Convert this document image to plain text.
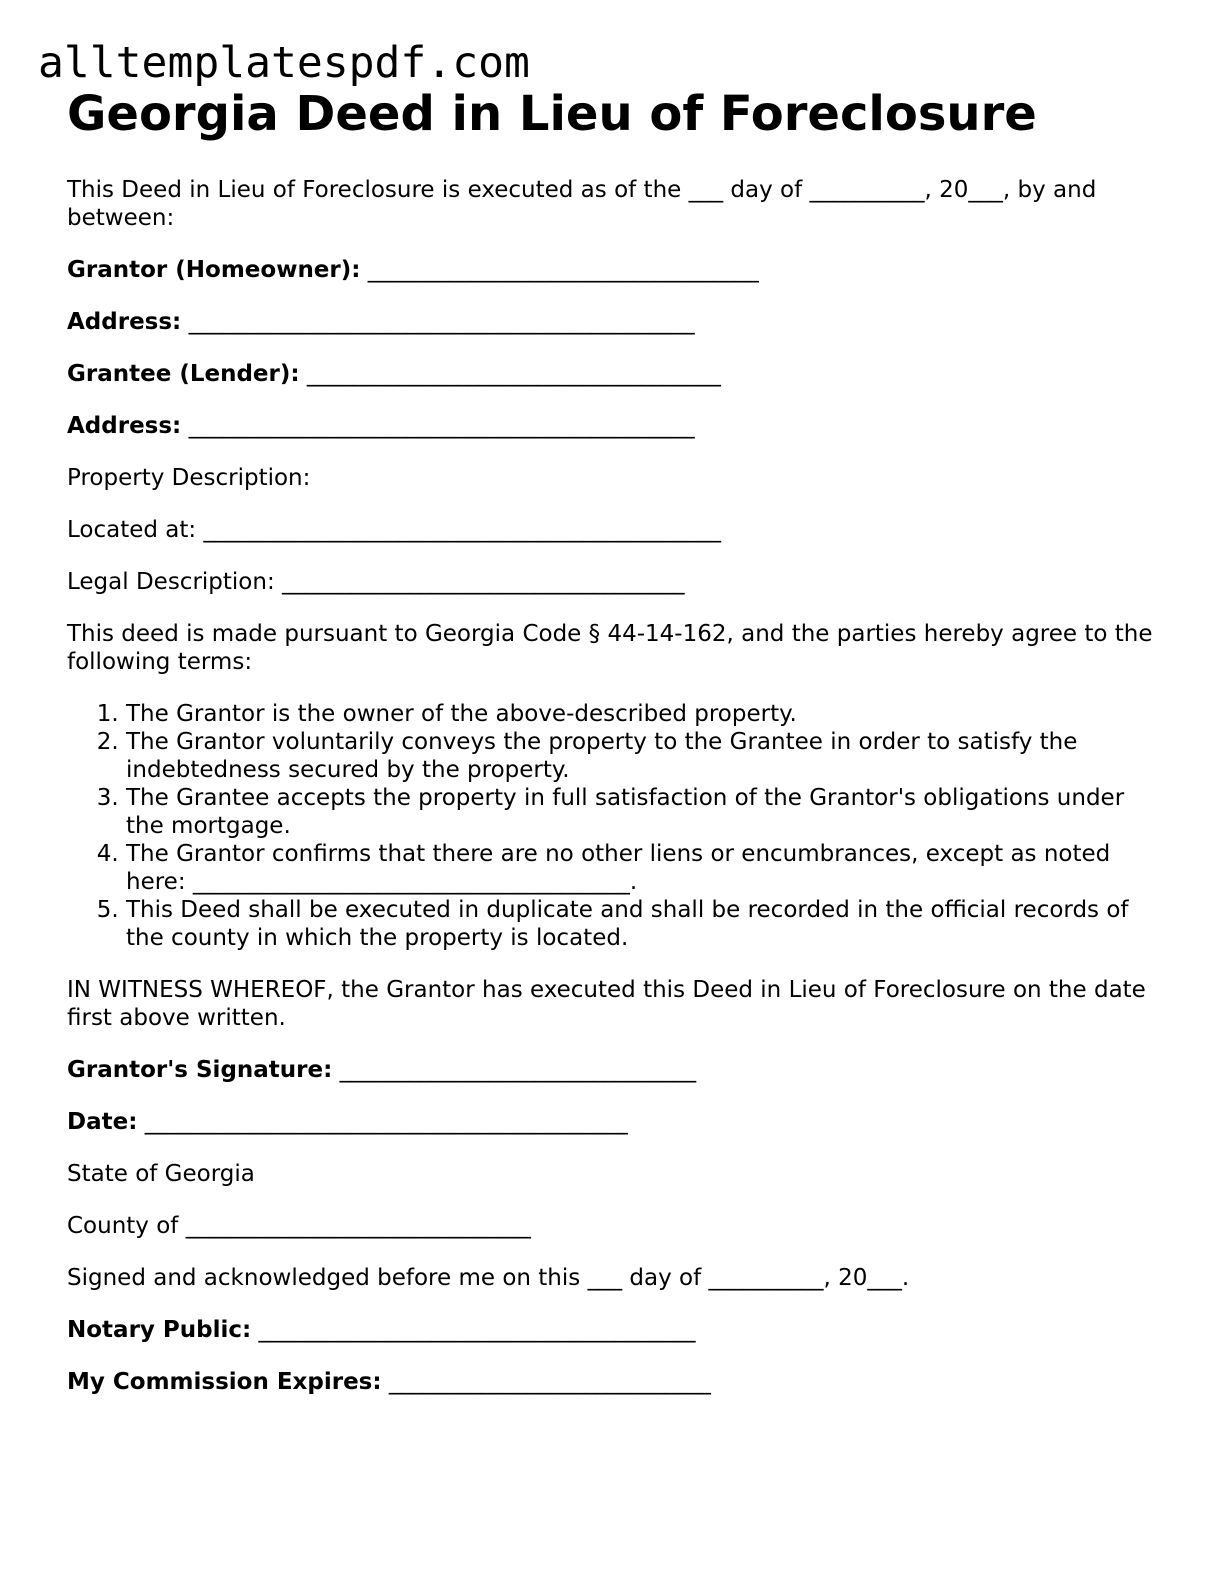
alltemplatespdf.com
Georgia Deed in Lieu of Foreclosure

This Deed in Lieu of Foreclosure is executed as of the ___ day of __________, 20___, by and between:

Grantor (Homeowner): __________________________________

Address: ____________________________________________

Grantee (Lender): ____________________________________

Address: ____________________________________________

Property Description:

Located at: _____________________________________________

Legal Description: ___________________________________

This deed is made pursuant to Georgia Code § 44-14-162, and the parties hereby agree to the following terms:

1. The Grantor is the owner of the above-described property.
2. The Grantor voluntarily conveys the property to the Grantee in order to satisfy the indebtedness secured by the property.
3. The Grantee accepts the property in full satisfaction of the Grantor's obligations under the mortgage.
4. The Grantor confirms that there are no other liens or encumbrances, except as noted here: ______________________________________.
5. This Deed shall be executed in duplicate and shall be recorded in the official records of the county in which the property is located.

IN WITNESS WHEREOF, the Grantor has executed this Deed in Lieu of Foreclosure on the date first above written.

Grantor's Signature: _______________________________

Date: __________________________________________

State of Georgia

County of ______________________________

Signed and acknowledged before me on this ___ day of __________, 20___.

Notary Public: ______________________________________

My Commission Expires: ____________________________
